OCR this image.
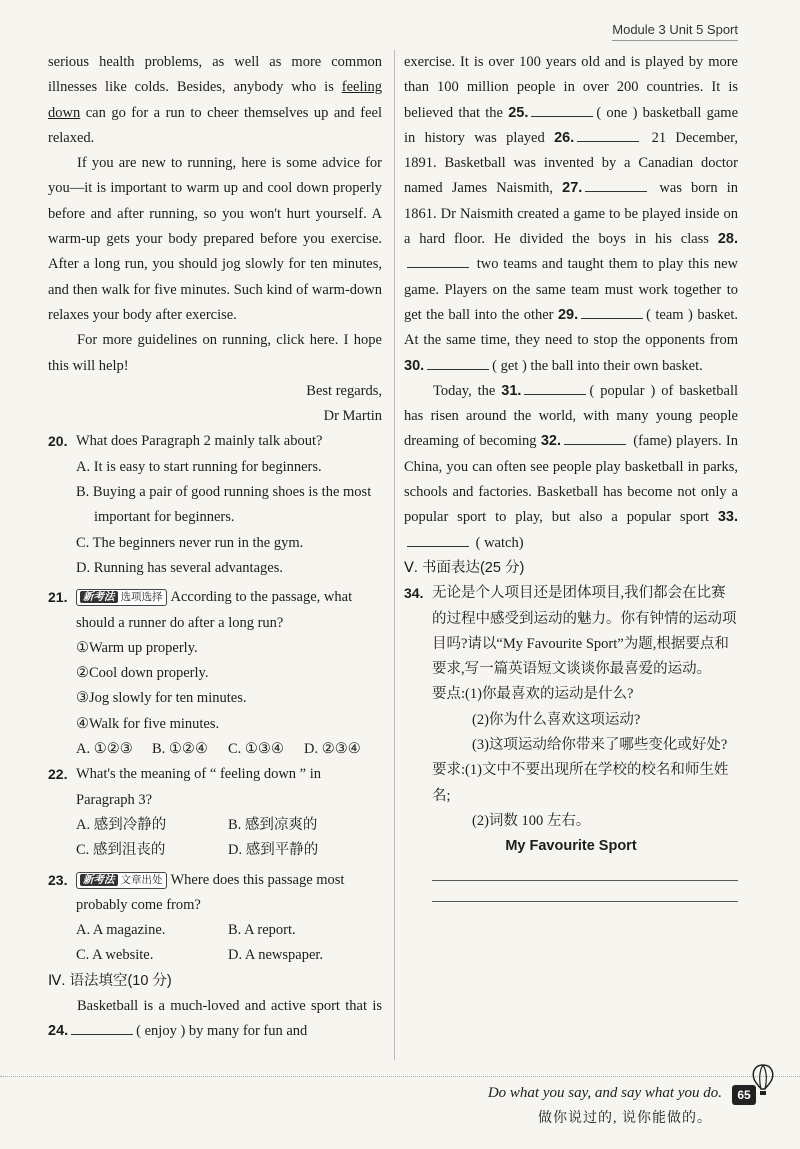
Module 3 Unit 5 Sport

serious health problems, as well as more common illnesses like colds. Besides, anybody who is feeling down can go for a run to cheer themselves up and feel relaxed.

If you are new to running, here is some advice for you—it is important to warm up and cool down properly before and after running, so you won't hurt yourself. A warm-up gets your body prepared before you exercise. After a long run, you should jog slowly for ten minutes, and then walk for five minutes. Such kind of warm-down relaxes your body after exercise.

For more guidelines on running, click here. I hope this will help!

Best regards,

Dr Martin

20. What does Paragraph 2 mainly talk about?
A. It is easy to start running for beginners.
B. Buying a pair of good running shoes is the most important for beginners.
C. The beginners never run in the gym.
D. Running has several advantages.
21. 新考法 选项选择 According to the passage, what should a runner do after a long run?
①Warm up properly.
②Cool down properly.
③Jog slowly for ten minutes.
④Walk for five minutes.
A. ①②③	B. ①②④	C. ①③④	D. ②③④
22. What's the meaning of “ feeling down ” in Paragraph 3?
A. 感到冷静的	B. 感到凉爽的
C. 感到沮丧的	D. 感到平静的
23. 新考法 文章出处 Where does this passage most probably come from?
A. A magazine.	B. A report.
C. A website.	D. A newspaper.

Ⅳ. 语法填空(10 分)

Basketball is a much-loved and active sport that is 24.	( enjoy ) by many for fun and

exercise. It is over 100 years old and is played by more than 100 million people in over 200 countries. It is believed that the 25.	( one ) basketball game in history was played 26.	21 December, 1891. Basketball was invented by a Canadian doctor named James Naismith, 27.	was born in 1861. Dr Naismith created a game to be played inside on a hard floor. He divided the boys in his class 28. two teams and taught them to play this new game. Players on the same team must work together to get the ball into the other 29.	( team ) basket. At the same time, they need to stop the opponents from 30.	( get ) the ball into their own basket.

Today, the 31.	( popular ) of basketball has risen around the world, with many young people dreaming of becoming 32.	(fame) players. In China, you can often see people play basketball in parks, schools and factories. Basketball has become not only a popular sport to play, but also a popular sport 33. ( watch)

Ⅴ. 书面表达(25 分)

34. 无论是个人项目还是团体项目,我们都会在比赛的过程中感受到运动的魅力。你有钟情的运动项目吗?请以“My Favourite Sport”为题,根据要点和要求,写一篇英语短文谈谈你最喜爱的运动。
要点:(1)你最喜欢的运动是什么?
(2)你为什么喜欢这项运动?
(3)这项运动给你带来了哪些变化或好处?
要求:(1)文中不要出现所在学校的校名和师生姓名;
(2)词数 100 左右。

My Favourite Sport

Do what you say, and say what you do.
做你说过的, 说你能做的。
65
